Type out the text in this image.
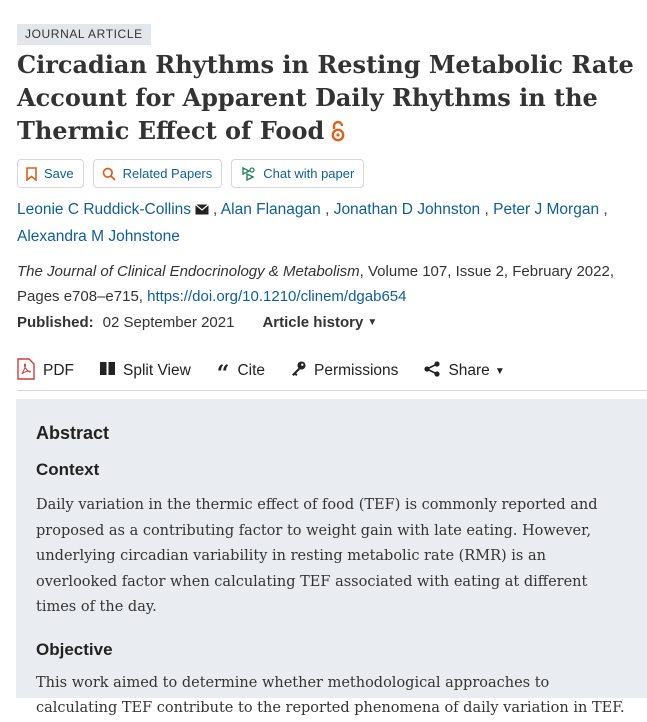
JOURNAL ARTICLE
Circadian Rhythms in Resting Metabolic Rate Account for Apparent Daily Rhythms in the Thermic Effect of Food
Save	Related Papers	Chat with paper
Leonie C Ruddick-Collins , Alan Flanagan , Jonathan D Johnston , Peter J Morgan ,
Alexandra M Johnstone
The Journal of Clinical Endocrinology & Metabolism, Volume 107, Issue 2, February 2022, Pages e708–e715, https://doi.org/10.1210/clinem/dgab654
Published: 02 September 2021 Article history ▼
PDF	Split View “ Cite	Permissions	Share ▼
Abstract
Context

Daily variation in the thermic effect of food (TEF) is commonly reported and proposed as a contributing factor to weight gain with late eating. However, underlying circadian variability in resting metabolic rate (RMR) is an overlooked factor when calculating TEF associated with eating at different times of the day.

Objective

This work aimed to determine whether methodological approaches to calculating TEF contribute to the reported phenomena of daily variation in TEF.
